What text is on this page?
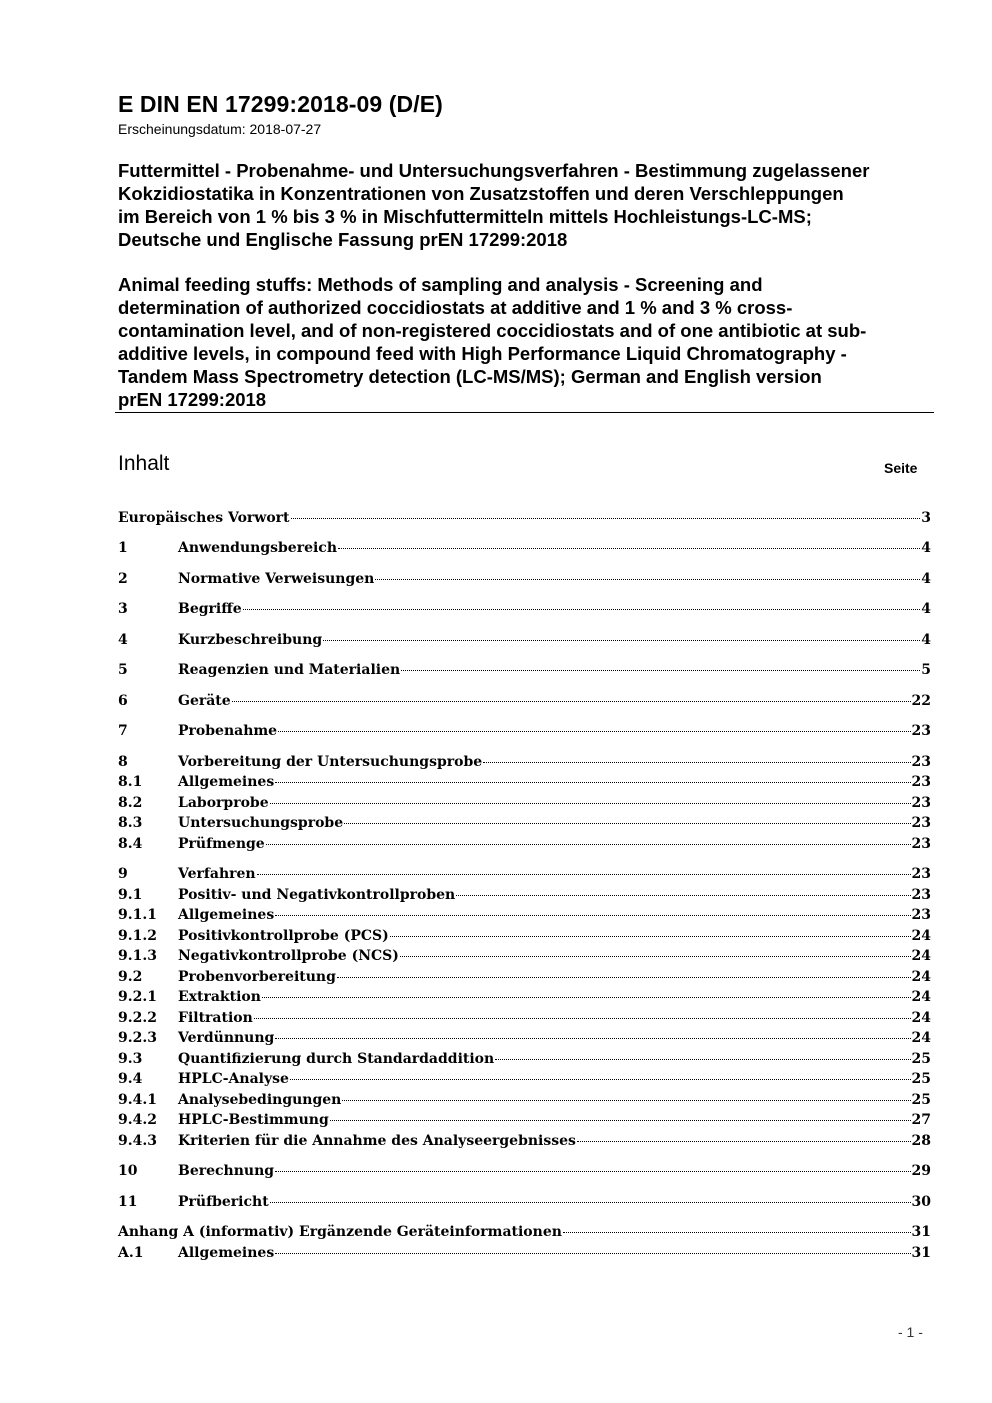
E DIN EN 17299:2018-09 (D/E)

Erscheinungsdatum: 2018-07-27

Futtermittel - Probenahme- und Untersuchungsverfahren - Bestimmung zugelassener
Kokzidiostatika in Konzentrationen von Zusatzstoffen und deren Verschleppungen
im Bereich von 1 % bis 3 % in Mischfuttermitteln mittels Hochleistungs-LC-MS;
Deutsche und Englische Fassung prEN 17299:2018

Animal feeding stuffs: Methods of sampling and analysis - Screening and
determination of authorized coccidiostats at additive and 1 % and 3 % cross-
contamination level, and of non-registered coccidiostats and of one antibiotic at sub-
additive levels, in compound feed with High Performance Liquid Chromatography -
Tandem Mass Spectrometry detection (LC-MS/MS); German and English version
prEN 17299:2018

Inhalt	Seite
Europäisches Vorwort	3
1	Anwendungsbereich	4
2	Normative Verweisungen	4
3	Begriffe	4
4	Kurzbeschreibung	4
5	Reagenzien und Materialien	5
6	Geräte	22
7	Probenahme	23
8	Vorbereitung der Untersuchungsprobe	23
8.1	Allgemeines	23
8.2	Laborprobe	23
8.3	Untersuchungsprobe	23
8.4	Prüfmenge	23
9	Verfahren	23
9.1	Positiv- und Negativkontrollproben	23
9.1.1	Allgemeines	23
9.1.2	Positivkontrollprobe (PCS)	24
9.1.3	Negativkontrollprobe (NCS)	24
9.2	Probenvorbereitung	24
9.2.1	Extraktion	24
9.2.2	Filtration	24
9.2.3	Verdünnung	24
9.3	Quantifizierung durch Standardaddition	25
9.4	HPLC-Analyse	25
9.4.1	Analysebedingungen	25
9.4.2	HPLC-Bestimmung	27
9.4.3	Kriterien für die Annahme des Analyseergebnisses	28
10	Berechnung	29
11	Prüfbericht	30
Anhang A (informativ) Ergänzende Geräteinformationen	31
A.1	Allgemeines	31
- 1 -
